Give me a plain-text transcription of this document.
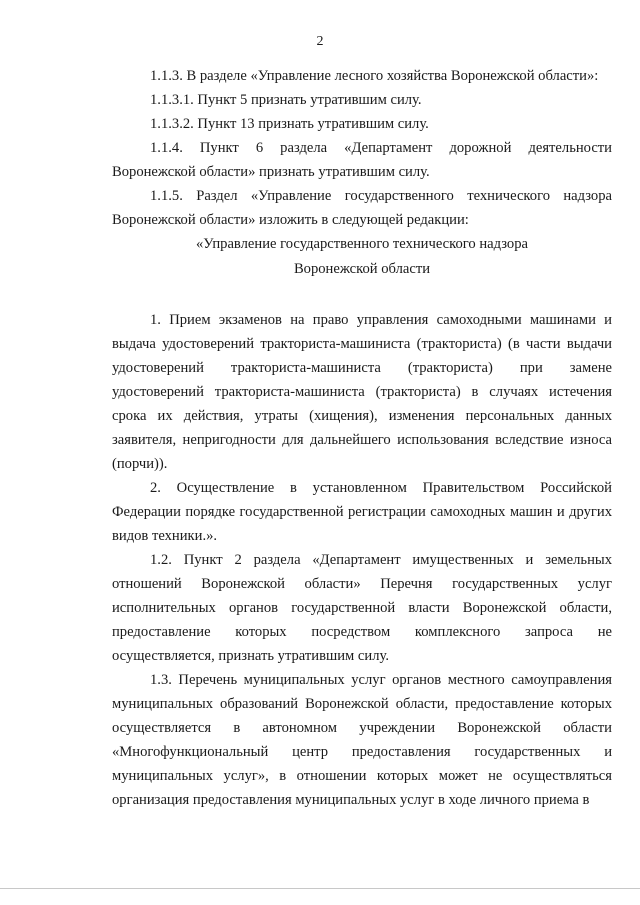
2

1.1.3. В разделе «Управление лесного хозяйства Воронежской области»:

1.1.3.1. Пункт 5 признать утратившим силу.

1.1.3.2. Пункт 13 признать утратившим силу.

1.1.4. Пункт 6 раздела «Департамент дорожной деятельности Воронежской области» признать утратившим силу.

1.1.5. Раздел «Управление государственного технического надзора Воронежской области» изложить в следующей редакции:

«Управление государственного технического надзора

Воронежской области

1. Прием экзаменов на право управления самоходными машинами и выдача удостоверений тракториста-машиниста (тракториста) (в части выдачи удостоверений тракториста-машиниста (тракториста) при замене удостоверений тракториста-машиниста (тракториста) в случаях истечения срока их действия, утраты (хищения), изменения персональных данных заявителя, непригодности для дальнейшего использования вследствие износа (порчи)).

2. Осуществление в установленном Правительством Российской Федерации порядке государственной регистрации самоходных машин и других видов техники.».

1.2. Пункт 2 раздела «Департамент имущественных и земельных отношений Воронежской области» Перечня государственных услуг исполнительных органов государственной власти Воронежской области, предоставление которых посредством комплексного запроса не осуществляется, признать утратившим силу.

1.3. Перечень муниципальных услуг органов местного самоуправления муниципальных образований Воронежской области, предоставление которых осуществляется в автономном учреждении Воронежской области «Многофункциональный центр предоставления государственных и муниципальных услуг», в отношении которых может не осуществляться организация предоставления муниципальных услуг в ходе личного приема в
